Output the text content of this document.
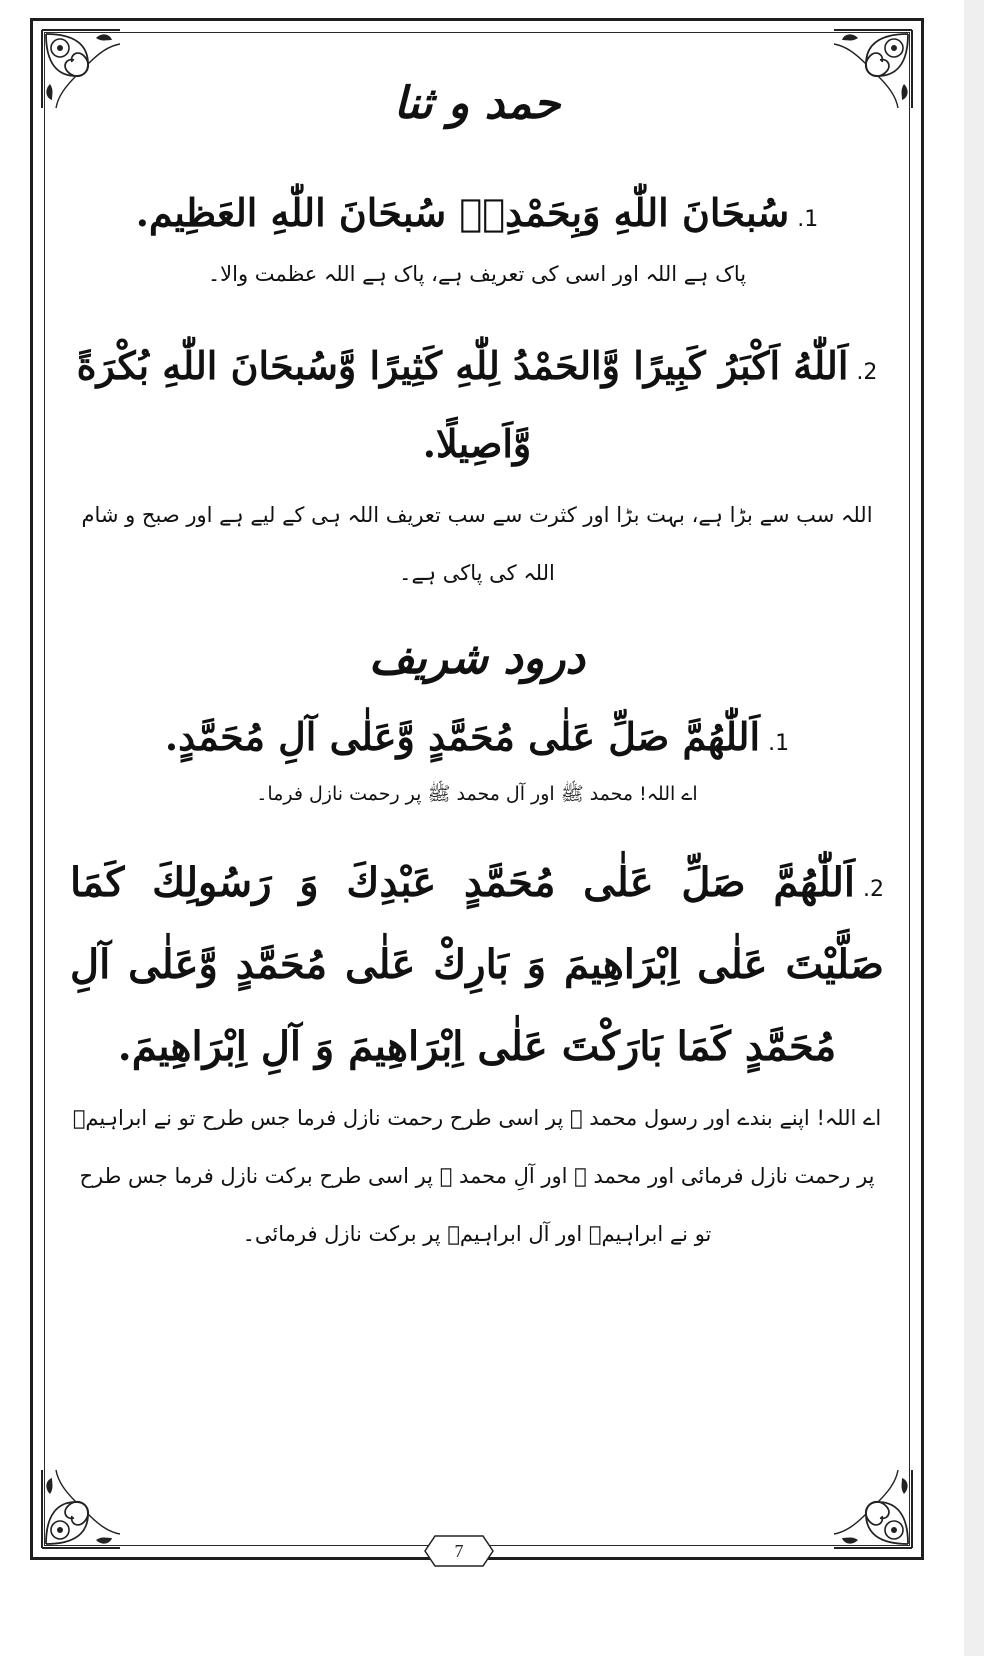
حمد و ثنا

1.سُبحَانَ اللّٰهِ وَبِحَمْدِهٖ سُبحَانَ اللّٰهِ العَظِيم.

پاک ہے اللہ اور اسی کی تعریف ہے، پاک ہے اللہ عظمت والا۔

2.اَللّٰهُ اَكْبَرُ كَبِيرًا وَّالحَمْدُ لِلّٰهِ كَثِيرًا وَّسُبحَانَ اللّٰهِ بُكْرَةً وَّاَصِيلًا.

اللہ سب سے بڑا ہے، بہت بڑا اور کثرت سے سب تعریف اللہ ہی کے لیے ہے اور صبح و شام اللہ کی پاکی ہے۔

درود شریف

1.اَللّٰهُمَّ صَلِّ عَلٰى مُحَمَّدٍ وَّعَلٰى آلِ مُحَمَّدٍ.

اے اللہ! محمد ﷺ اور آل محمد ﷺ پر رحمت نازل فرما۔

2.اَللّٰهُمَّ صَلِّ عَلٰى مُحَمَّدٍ عَبْدِكَ وَ رَسُولِكَ كَمَا صَلَّيْتَ عَلٰى اِبْرَاهِيمَ وَ بَارِكْ عَلٰى مُحَمَّدٍ وَّعَلٰى آلِ مُحَمَّدٍ كَمَا بَارَكْتَ عَلٰى اِبْرَاهِيمَ وَ آلِ اِبْرَاهِيمَ.

اے اللہ! اپنے بندے اور رسول محمد ﷺ پر اسی طرح رحمت نازل فرما جس طرح تو نے ابراہیمؑ پر رحمت نازل فرمائی اور محمد ﷺ اور آلِ محمد ﷺ پر اسی طرح برکت نازل فرما جس طرح تو نے ابراہیمؑ اور آل ابراہیمؑ پر برکت نازل فرمائی۔

7
